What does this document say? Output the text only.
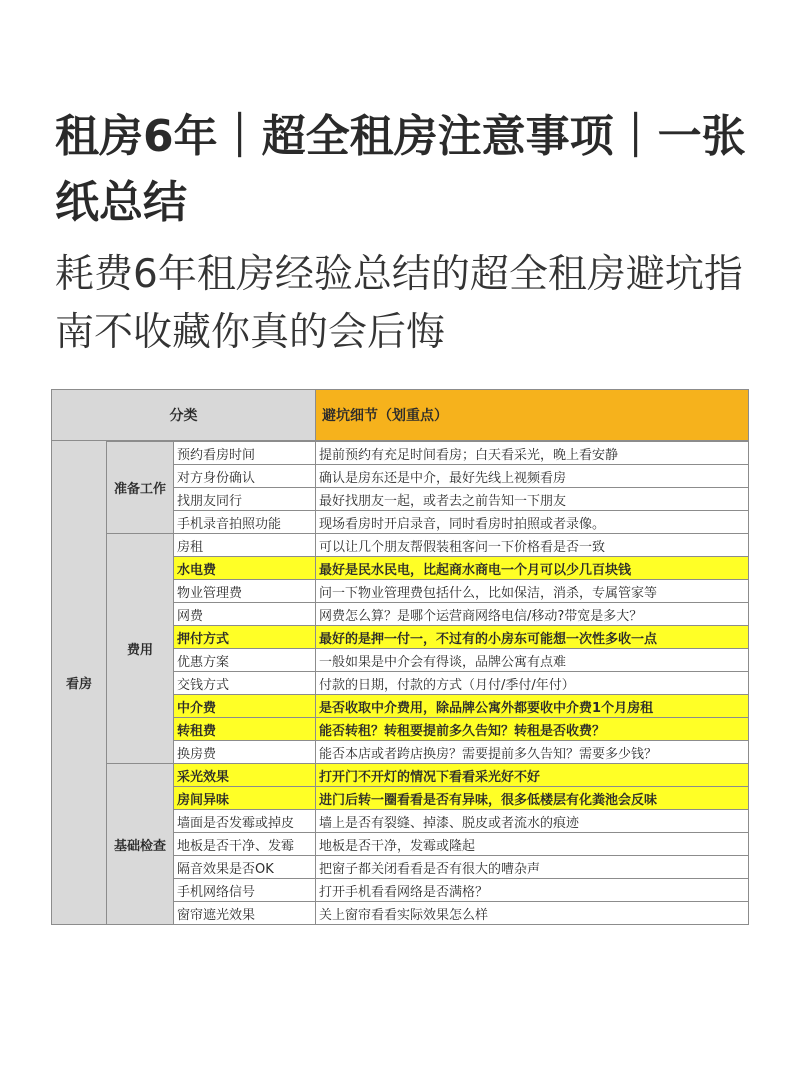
租房6年｜超全租房注意事项｜一张纸总结

耗费6年租房经验总结的超全租房避坑指南不收藏你真的会后悔

分类			避坑细节（划重点）
看房			
	准备工作	预约看房时间	提前预约有充足时间看房；白天看采光，晚上看安静
		对方身份确认	确认是房东还是中介，最好先线上视频看房
		找朋友同行	最好找朋友一起，或者去之前告知一下朋友
		手机录音拍照功能	现场看房时开启录音，同时看房时拍照或者录像。
	费用	房租	可以让几个朋友帮假装租客问一下价格看是否一致
		水电费	最好是民水民电，比起商水商电一个月可以少几百块钱
		物业管理费	问一下物业管理费包括什么，比如保洁，消杀，专属管家等
		网费	网费怎么算？是哪个运营商网络电信/移动?带宽是多大？
		押付方式	最好的是押一付一，不过有的小房东可能想一次性多收一点
		优惠方案	一般如果是中介会有得谈，品牌公寓有点难
		交钱方式	付款的日期，付款的方式（月付/季付/年付）
		中介费	是否收取中介费用，除品牌公寓外都要收中介费1个月房租
		转租费	能否转租？转租要提前多久告知？转租是否收费？
		换房费	能否本店或者跨店换房？需要提前多久告知？需要多少钱？
	基础检查	采光效果	打开门不开灯的情况下看看采光好不好
		房间异味	进门后转一圈看看是否有异味，很多低楼层有化粪池会反味
		墙面是否发霉或掉皮	墙上是否有裂缝、掉漆、脱皮或者流水的痕迹
		地板是否干净、发霉	地板是否干净，发霉或隆起
		隔音效果是否OK	把窗子都关闭看看是否有很大的嘈杂声
		手机网络信号	打开手机看看网络是否满格？
		窗帘遮光效果	关上窗帘看看实际效果怎么样
